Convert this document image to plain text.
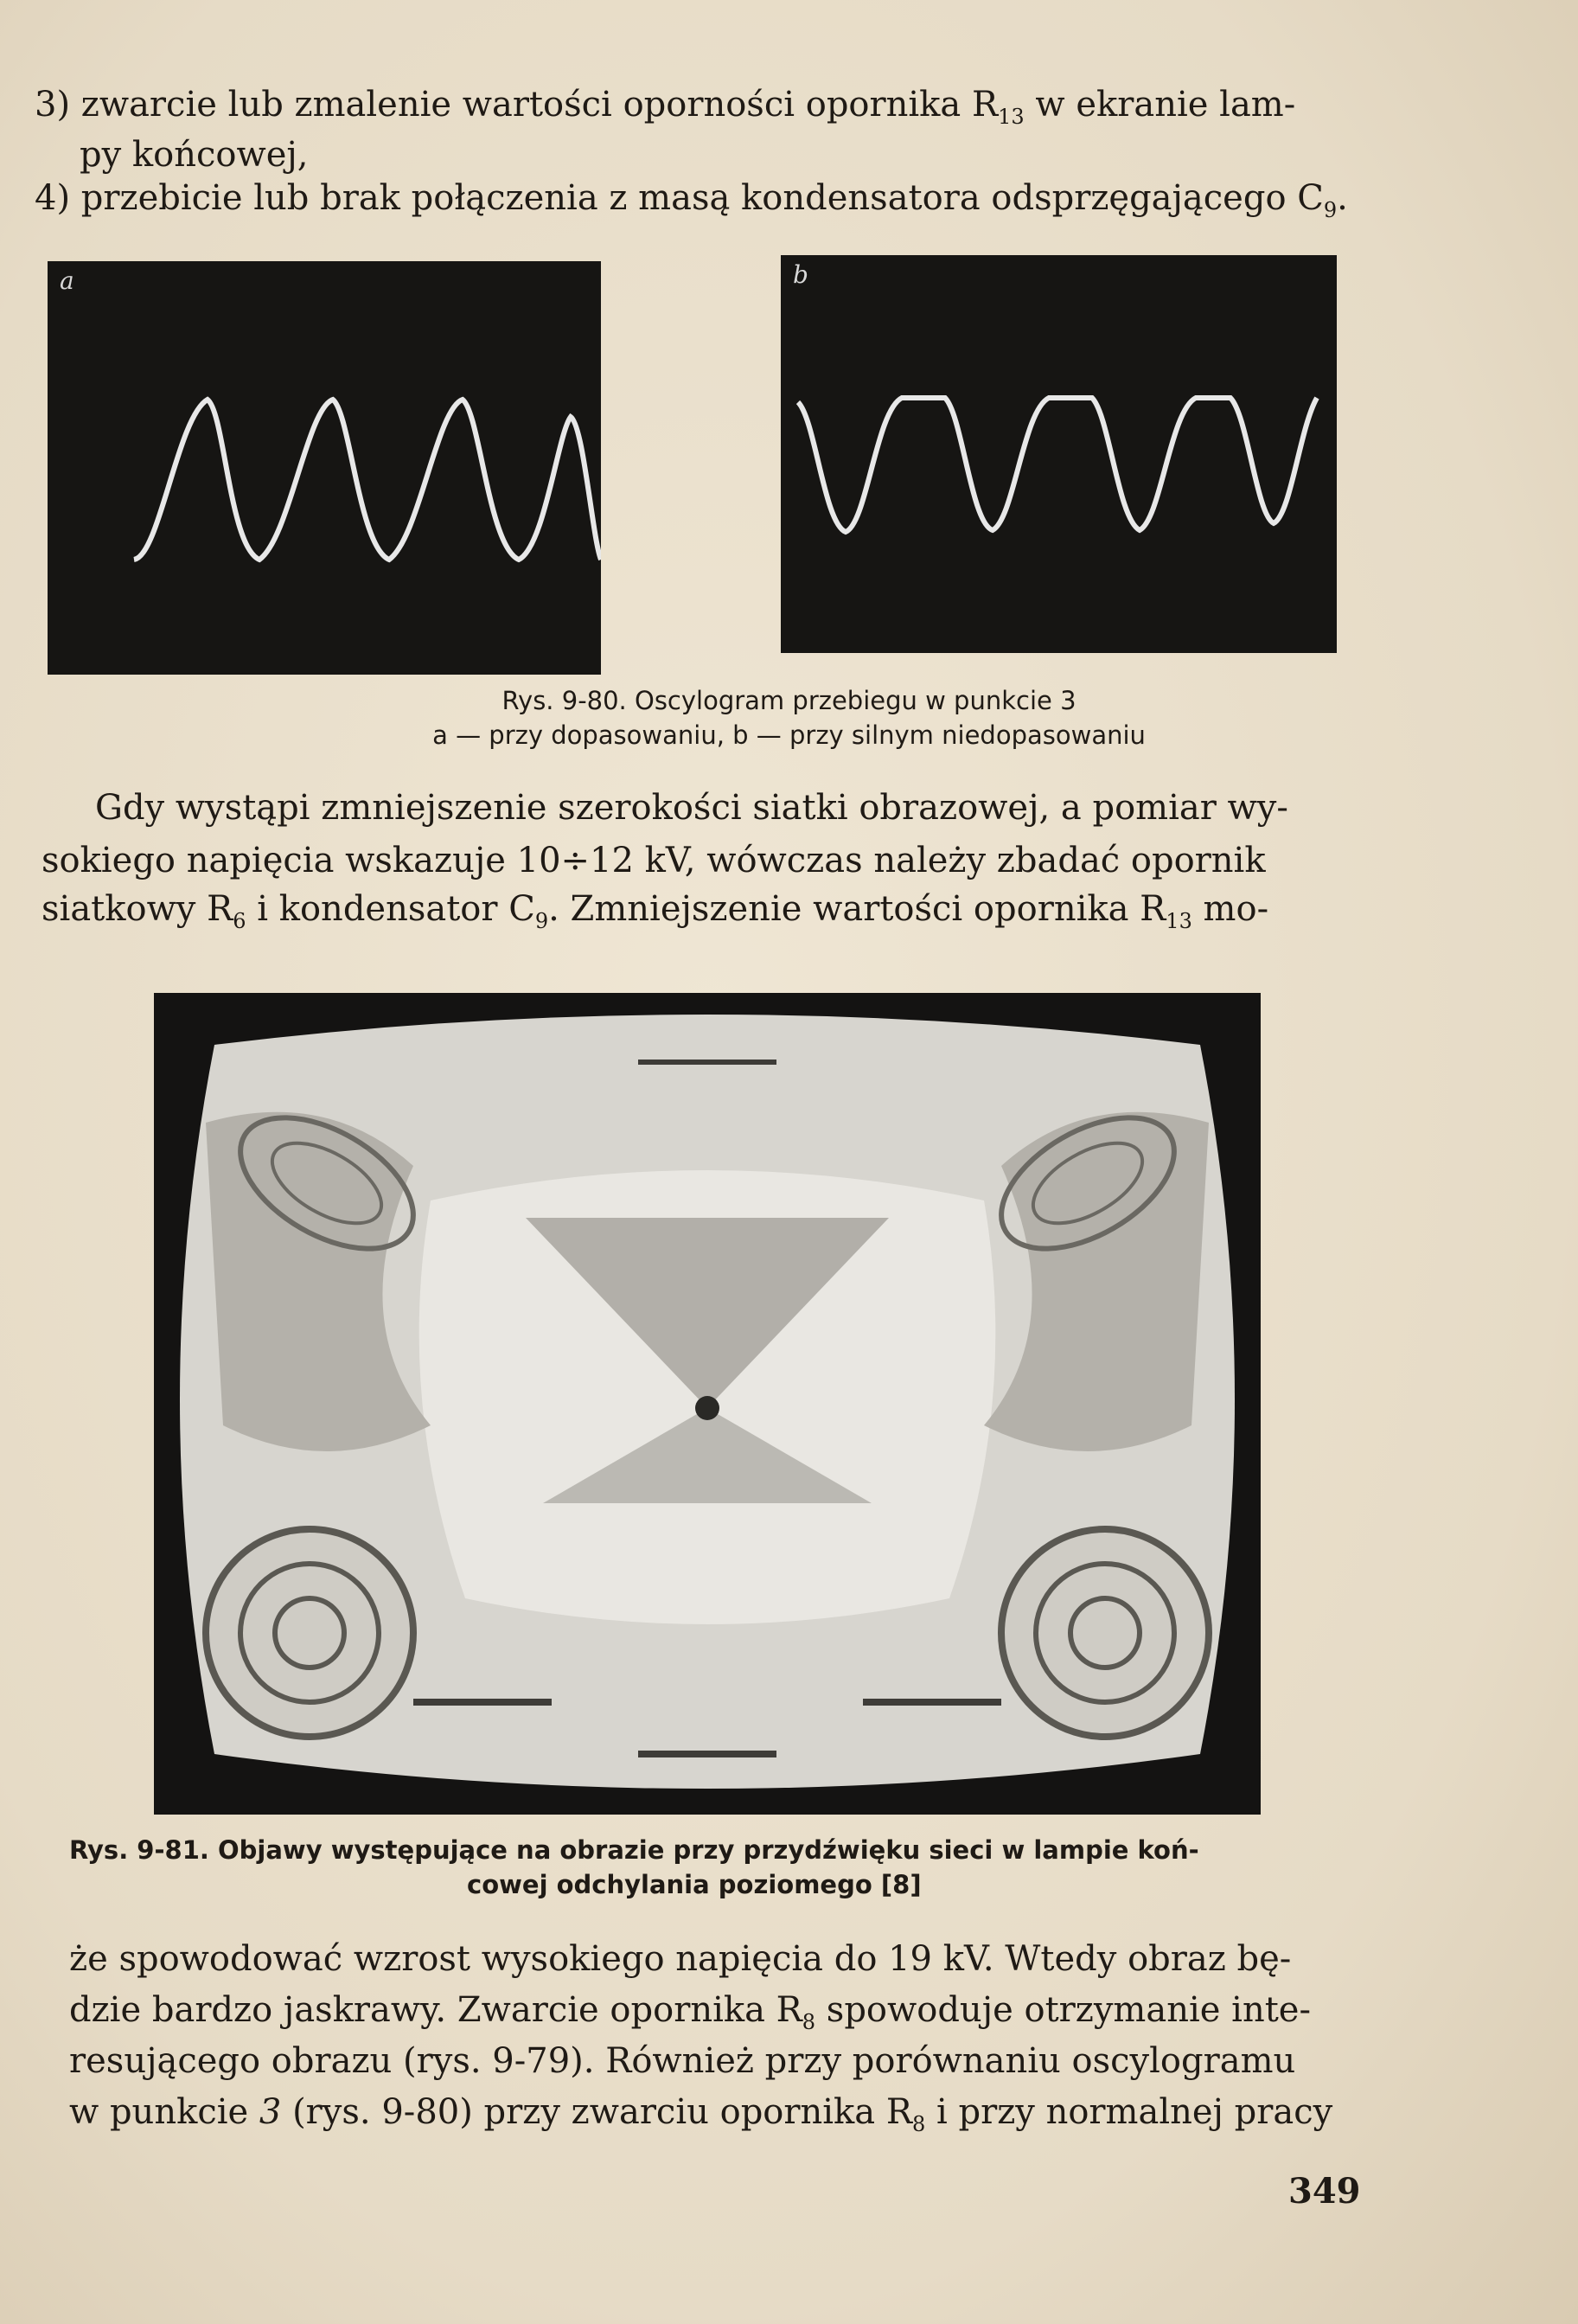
3) zwarcie lub zmalenie wartości oporności opornika $R_{13}$ w ekranie lam-
py końcowej,
4) przebicie lub brak połączenia z masą kondensatora odsprzęgającego $C_9$.
a	b
Rys. 9-80. Oscylogram przebiegu w punkcie 3
a — przy dopasowaniu, b — przy silnym niedopasowaniu
Gdy wystąpi zmniejszenie szerokości siatki obrazowej, a pomiar wy-
sokiego napięcia wskazuje 10÷12 kV, wówczas należy zbadać opornik
siatkowy $R_6$ i kondensator $C_9$. Zmniejszenie wartości opornika $R_{13}$ mo-
Rys. 9-81. Objawy występujące na obrazie przy przydźwięku sieci w lampie koń-
cowej odchylania poziomego [8]
że spowodować wzrost wysokiego napięcia do 19 kV. Wtedy obraz bę-
dzie bardzo jaskrawy. Zwarcie opornika $R_8$ spowoduje otrzymanie inte-
resującego obrazu (rys. 9-79). Również przy porównaniu oscylogramu
w punkcie 3 (rys. 9-80) przy zwarciu opornika $R_8$ i przy normalnej pracy
349
